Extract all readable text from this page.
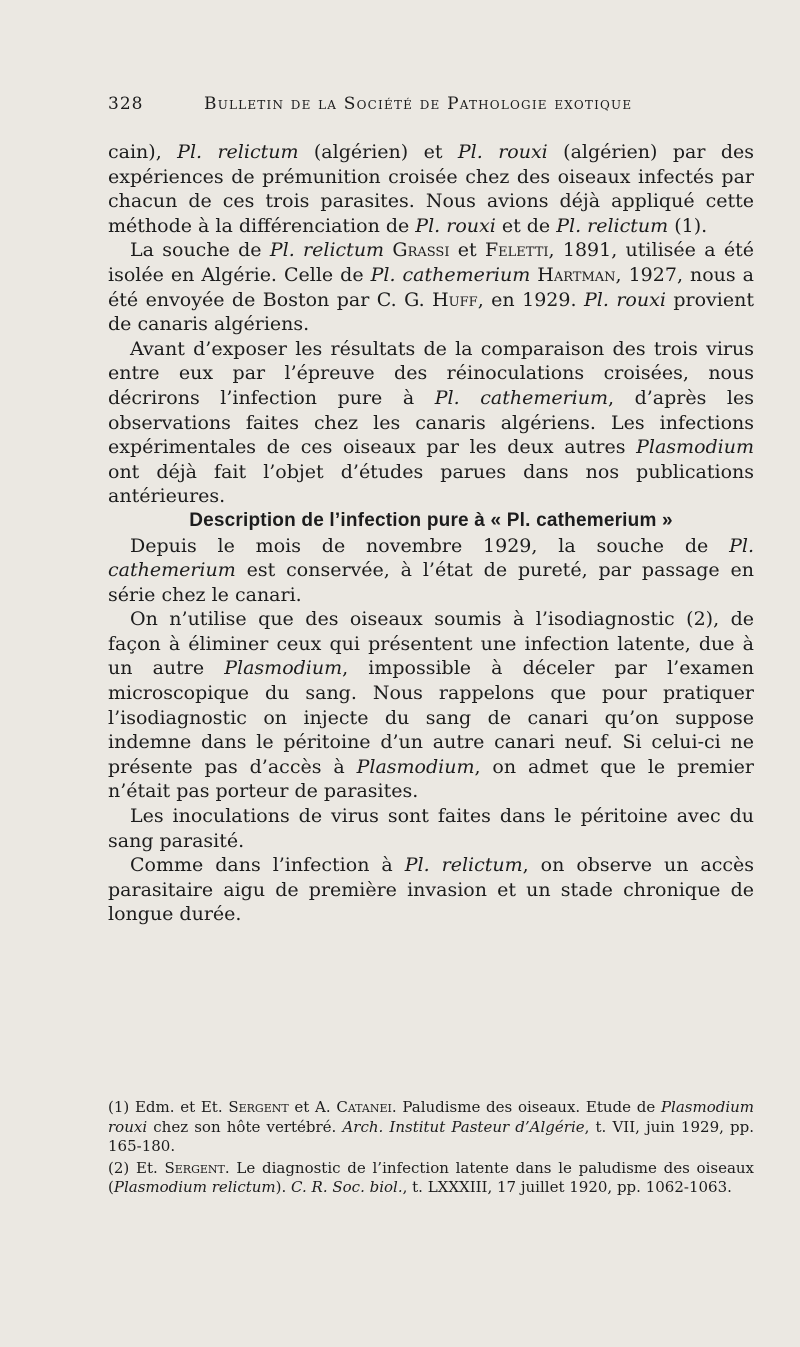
328	Bulletin de la Société de Pathologie exotique

cain), Pl. relictum (algérien) et Pl. rouxi (algérien) par des expériences de prémunition croisée chez des oiseaux infectés par chacun de ces trois parasites. Nous avions déjà appliqué cette méthode à la différenciation de Pl. rouxi et de Pl. relictum (1).

La souche de Pl. relictum Grassi et Feletti, 1891, utilisée a été isolée en Algérie. Celle de Pl. cathemerium Hartman, 1927, nous a été envoyée de Boston par C. G. Huff, en 1929. Pl. rouxi provient de canaris algériens.

Avant d’exposer les résultats de la comparaison des trois virus entre eux par l’épreuve des réinoculations croisées, nous décrirons l’infection pure à Pl. cathemerium, d’après les observations faites chez les canaris algériens. Les infections expérimentales de ces oiseaux par les deux autres Plasmodium ont déjà fait l’objet d’études parues dans nos publications antérieures.

Description de l’infection pure à « Pl. cathemerium »

Depuis le mois de novembre 1929, la souche de Pl. cathemerium est conservée, à l’état de pureté, par passage en série chez le canari.

On n’utilise que des oiseaux soumis à l’isodiagnostic (2), de façon à éliminer ceux qui présentent une infection latente, due à un autre Plasmodium, impossible à déceler par l’examen microscopique du sang. Nous rappelons que pour pratiquer l’isodiagnostic on injecte du sang de canari qu’on suppose indemne dans le péritoine d’un autre canari neuf. Si celui-ci ne présente pas d’accès à Plasmodium, on admet que le premier n’était pas porteur de parasites.

Les inoculations de virus sont faites dans le péritoine avec du sang parasité.

Comme dans l’infection à Pl. relictum, on observe un accès parasitaire aigu de première invasion et un stade chronique de longue durée.

(1) Edm. et Et. Sergent et A. Catanei. Paludisme des oiseaux. Etude de Plasmodium rouxi chez son hôte vertébré. Arch. Institut Pasteur d’Algérie, t. VII, juin 1929, pp. 165-180.

(2) Et. Sergent. Le diagnostic de l’infection latente dans le paludisme des oiseaux (Plasmodium relictum). C. R. Soc. biol., t. LXXXIII, 17 juillet 1920, pp. 1062-1063.
